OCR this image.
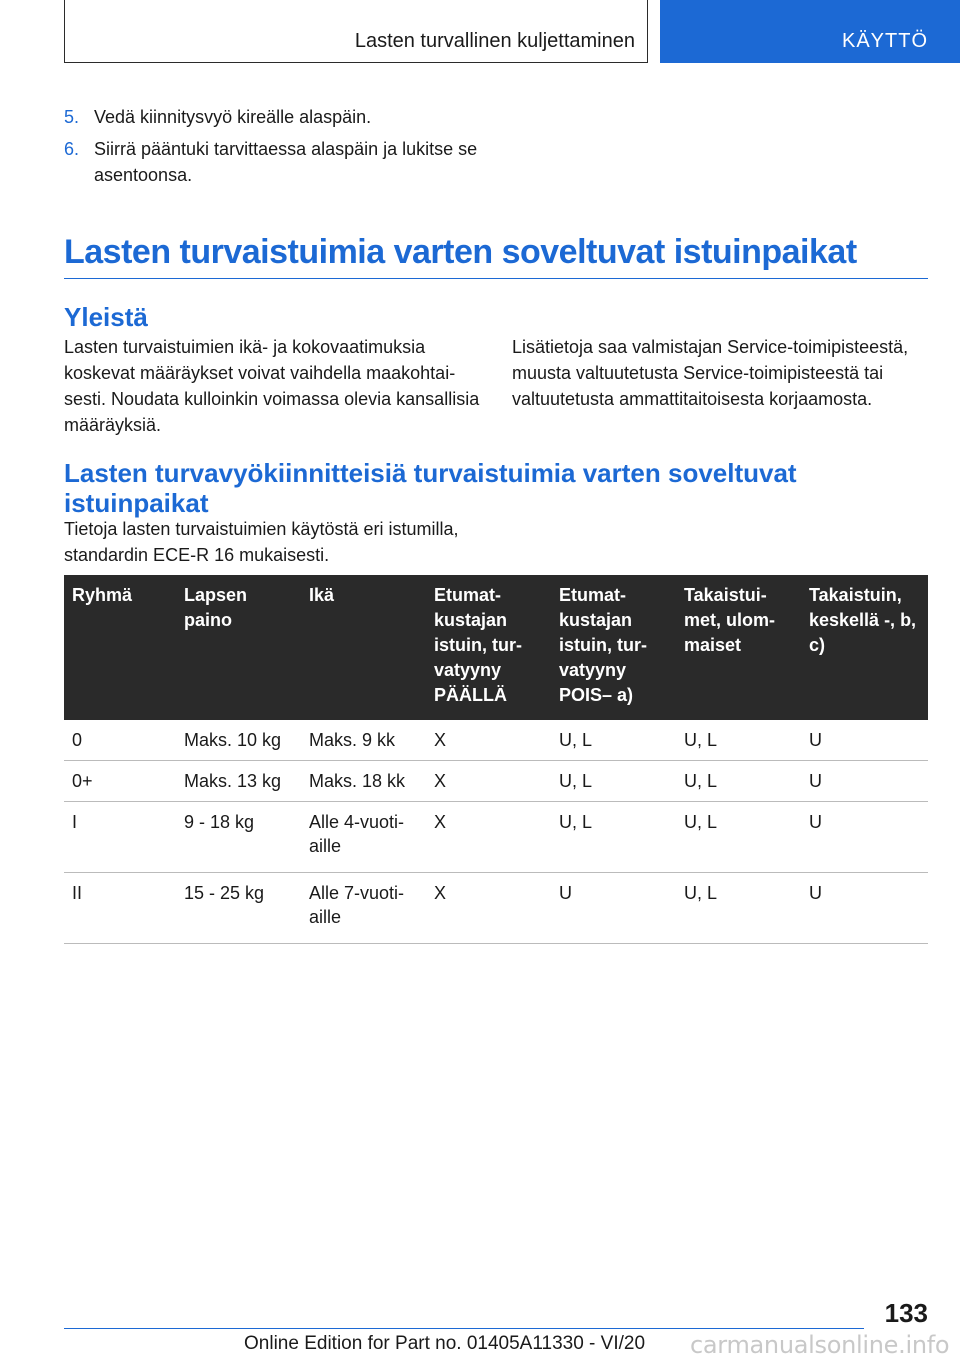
Lasten turvallinen kuljettaminen	KÄYTTÖ
5. Vedä kiinnitysvyö kireälle alaspäin.
6. Siirrä pääntuki tarvittaessa alaspäin ja lukitse se asentoonsa.
Lasten turvaistuimia varten soveltuvat istuinpaikat
Yleistä
Lasten turvaistuimien ikä- ja kokovaatimuksia koskevat määräykset voivat vaihdella maakohtaisesti. Noudata kulloinkin voimassa olevia kansallisia määräyksiä.
Lisätietoja saa valmistajan Service-toimipisteestä, muusta valtuutetusta Service-toimipisteestä tai valtuutetusta ammattitaitoisesta korjaamosta.
Lasten turvavyökiinnitteisiä turvaistuimia varten soveltuvat istuinpaikat
Tietoja lasten turvaistuimien käytöstä eri istumilla, standardin ECE-R 16 mukaisesti.
Ryhmä	Lapsen paino	Ikä	Etumatkustajan istuin, turvatyyny PÄÄLLÄ	Etumatkustajan istuin, turvatyyny POIS– a)	Takaistuimet, ulommaiset	Takaistuin, keskellä -, b, c)
0	Maks. 10 kg	Maks. 9 kk	X	U, L	U, L	U
0+	Maks. 13 kg	Maks. 18 kk	X	U, L	U, L	U
I	9 - 18 kg	Alle 4-vuotiaille	X	U, L	U, L	U
II	15 - 25 kg	Alle 7-vuotiaille	X	U	U, L	U
133
Online Edition for Part no. 01405A11330 - VI/20 carmanualsonline.info
